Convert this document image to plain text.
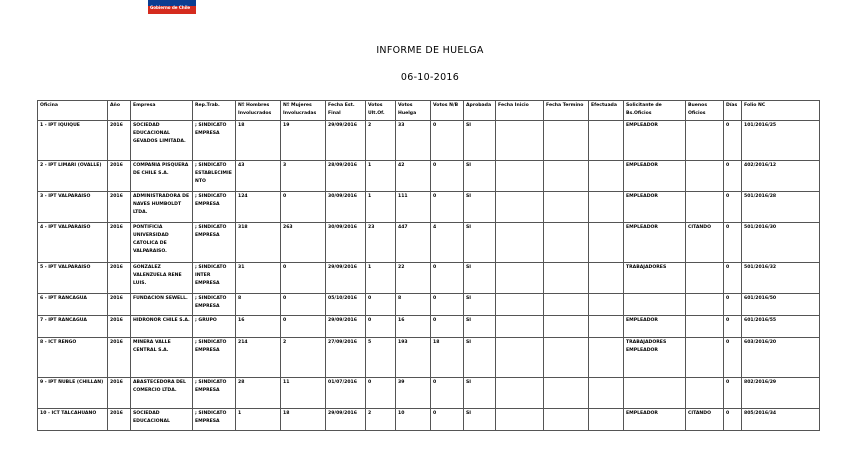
Gobierno de Chile
INFORME DE HUELGA
06-10-2016
Oficina	Año	Empresa	Rep.Trab.	Nº Hombres Involucrados	Nº Mujeres Involucradas	Fecha Est. Final	Votos Ult.Of.	Votos Huelga	Votos N/B	Aprobada	Fecha Inicio	Fecha Termino	Efectuada	Solicitante de Bs.Oficios	Buenos Oficios	Días	Folio NC
1 - IPT IQUIQUE	2016	SOCIEDAD EDUCACIONAL GEVADOS LIMITADA.	; SINDICATO EMPRESA	18	19	29/09/2016	2	33	0	SI				EMPLEADOR		0	101/2016/25
2 - IPT LIMARI (OVALLE)	2016	COMPAÑIA PISQUERA DE CHILE S.A.	; SINDICATO ESTABLECIMIENTO	43	3	28/09/2016	1	42	0	SI				EMPLEADOR		0	402/2016/12
3 - IPT VALPARAISO	2016	ADMINISTRADORA DE NAVES HUMBOLDT LTDA.	; SINDICATO EMPRESA	124	0	30/09/2016	1	111	0	SI				EMPLEADOR		0	501/2016/28
4 - IPT VALPARAISO	2016	PONTIFICIA UNIVERSIDAD CATOLICA DE VALPARAISO.	; SINDICATO EMPRESA	318	263	30/09/2016	23	447	4	SI				EMPLEADOR	CITANDO	0	501/2016/30
5 - IPT VALPARAISO	2016	GONZALEZ VALENZUELA RENE LUIS.	; SINDICATO INTER EMPRESA	31	0	29/09/2016	1	22	0	SI				TRABAJADORES		0	501/2016/32
6 - IPT RANCAGUA	2016	FUNDACION SEWELL.	; SINDICATO EMPRESA	8	0	05/10/2016	0	8	0	SI						0	601/2016/50
7 - IPT RANCAGUA	2016	HIDRONOR CHILE S.A.	; GRUPO	16	0	29/09/2016	0	16	0	SI				EMPLEADOR		0	601/2016/55
8 - ICT RENGO	2016	MINERA VALLE CENTRAL S.A.	; SINDICATO EMPRESA	214	2	27/09/2016	5	193	18	SI				TRABAJADORES EMPLEADOR		0	603/2016/20
9 - IPT ÑUBLE (CHILLAN)	2016	ABASTECEDORA DEL COMERCIO LTDA.	; SINDICATO EMPRESA	28	11	01/07/2016	0	39	0	SI						0	802/2016/29
10 - ICT TALCAHUANO	2016	SOCIEDAD EDUCACIONAL	; SINDICATO EMPRESA	1	18	29/09/2016	2	10	0	SI				EMPLEADOR	CITANDO	0	805/2016/34
